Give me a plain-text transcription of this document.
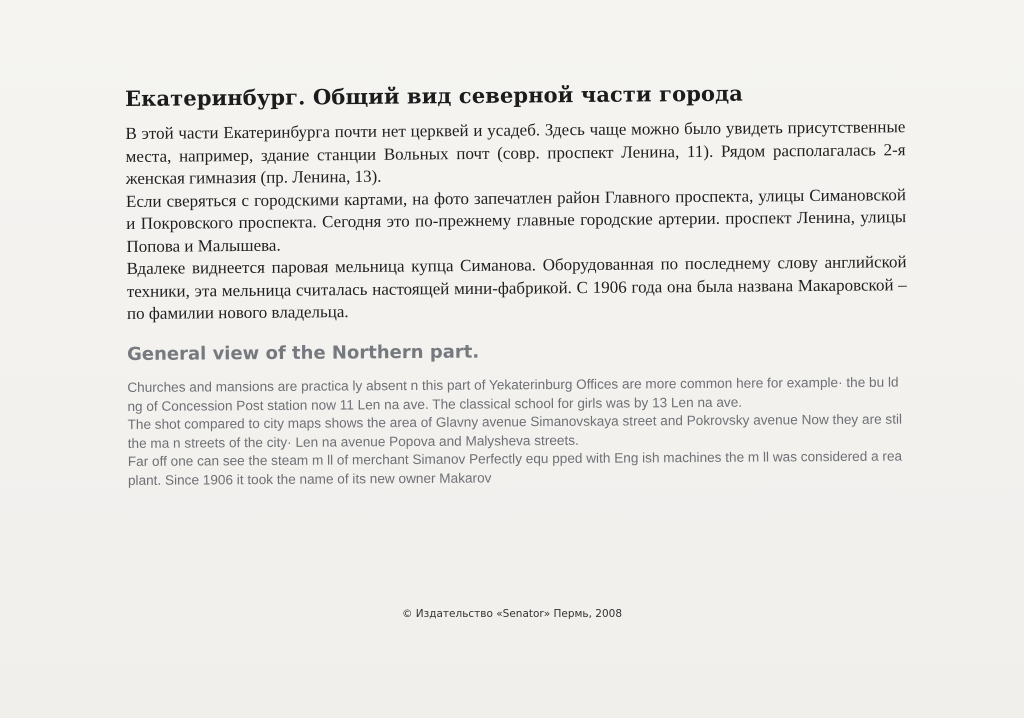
Екатеринбург. Общий вид северной части города

В этой части Екатеринбурга почти нет церквей и усадеб. Здесь чаще можно было увидеть присутственные места, например, здание станции Вольных почт (совр. проспект Ленина, 11). Рядом располагалась 2-я женская гимназия (пр. Ленина, 13).

Если сверяться с городскими картами, на фото запечатлен район Главного проспекта, улицы Симановской и Покровского проспекта. Сегодня это по-прежнему главные городские артерии. проспект Ленина, улицы Попова и Малышева.

Вдалеке виднеется паровая мельница купца Симанова. Оборудованная по последнему слову английской техники, эта мельница считалась настоящей мини-фабрикой. С 1906 года она была названа Макаровской – по фамилии нового владельца.

General view of the Northern part.

Churches and mansions are practica ly absent n this part of Yekaterinburg Offices are more common here for example· the bu ld ng of Concession Post station now 11 Len na ave. The classical school for girls was by 13 Len na ave.

The shot compared to city maps shows the area of Glavny avenue Simanovskaya street and Pokrovsky avenue Now they are stil the ma n streets of the city· Len na avenue Popova and Malysheva streets.

Far off one can see the steam m ll of merchant Simanov Perfectly equ pped with Eng ish machines the m ll was considered a rea plant. Since 1906 it took the name of its new owner Makarov

© Издательство «Senator» Пермь, 2008
